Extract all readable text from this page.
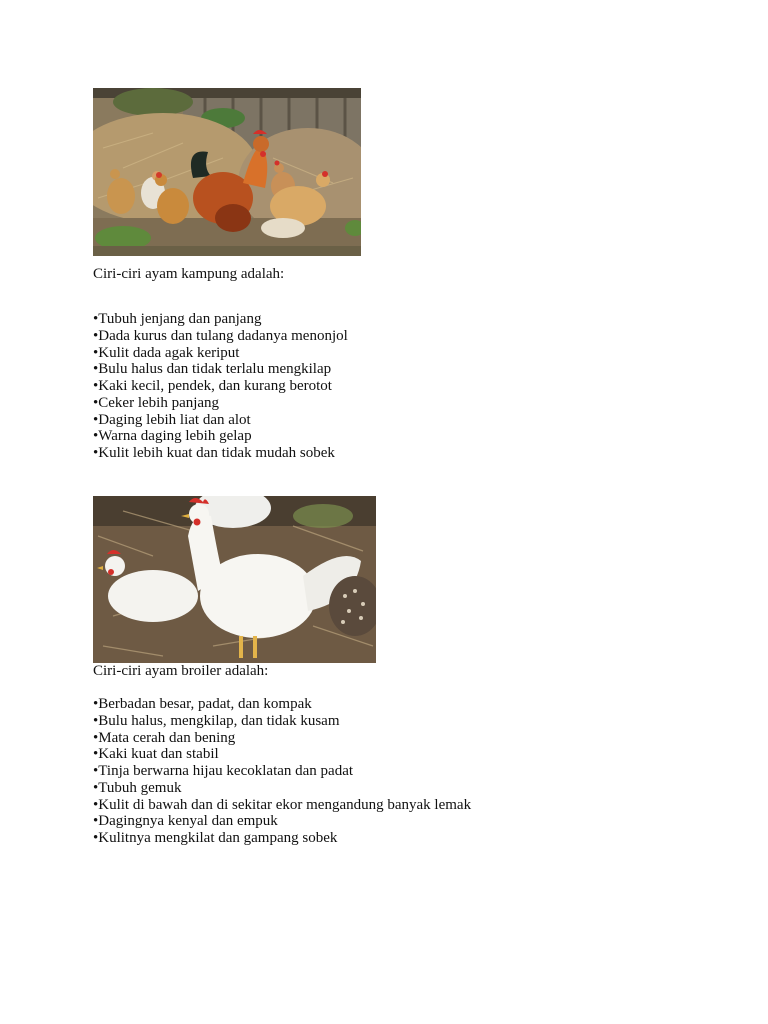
Ciri-ciri ayam kampung adalah:
• Tubuh jenjang dan panjang
• Dada kurus dan tulang dadanya menonjol
• Kulit dada agak keriput
• Bulu halus dan tidak terlalu mengkilap
• Kaki kecil, pendek, dan kurang berotot
• Ceker lebih panjang
• Daging lebih liat dan alot
• Warna daging lebih gelap
• Kulit lebih kuat dan tidak mudah sobek
Ciri-ciri ayam broiler adalah:
• Berbadan besar, padat, dan kompak
• Bulu halus, mengkilap, dan tidak kusam
• Mata cerah dan bening
• Kaki kuat dan stabil
• Tinja berwarna hijau kecoklatan dan padat
• Tubuh gemuk
• Kulit di bawah dan di sekitar ekor mengandung banyak lemak
• Dagingnya kenyal dan empuk
• Kulitnya mengkilat dan gampang sobek
